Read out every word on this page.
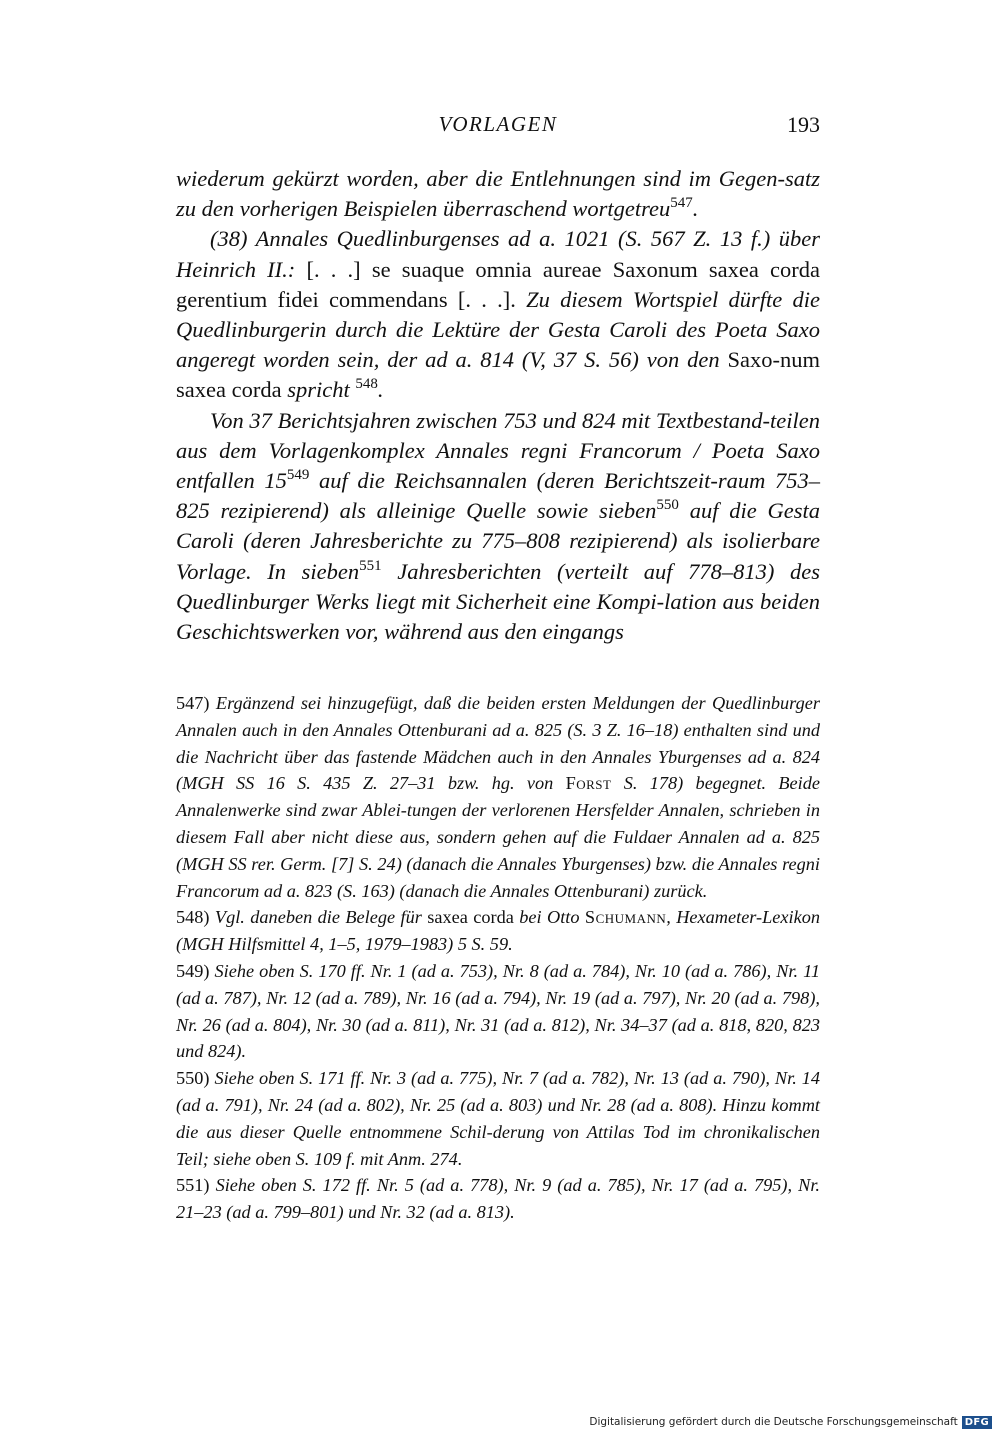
VORLAGEN	193

wiederum gekürzt worden, aber die Entlehnungen sind im Gegen-satz zu den vorherigen Beispielen überraschend wortgetreu$^{547}$.

(38) Annales Quedlinburgenses ad a. 1021 (S. 567 Z. 13 f.) über Heinrich II.: [. . .] se suaque omnia aureae Saxonum saxea corda gerentium fidei commendans [. . .]. Zu diesem Wortspiel dürfte die Quedlinburgerin durch die Lektüre der Gesta Caroli des Poeta Saxo angeregt worden sein, der ad a. 814 (V, 37 S. 56) von den Saxo-num saxea corda spricht $^{548}$.

Von 37 Berichtsjahren zwischen 753 und 824 mit Textbestand-teilen aus dem Vorlagenkomplex Annales regni Francorum / Poeta Saxo entfallen $15^{549}$ auf die Reichsannalen (deren Berichtszeit-raum 753–825 rezipierend) als alleinige Quelle sowie sieben$^{550}$ auf die Gesta Caroli (deren Jahresberichte zu 775–808 rezipierend) als isolierbare Vorlage. In sieben$^{551}$ Jahresberichten (verteilt auf 778–813) des Quedlinburger Werks liegt mit Sicherheit eine Kompi-lation aus beiden Geschichtswerken vor, während aus den eingangs

547) Ergänzend sei hinzugefügt, daß die beiden ersten Meldungen der Quedlinburger Annalen auch in den Annales Ottenburani ad a. 825 (S. 3 Z. 16–18) enthalten sind und die Nachricht über das fastende Mädchen auch in den Annales Yburgenses ad a. 824 (MGH SS 16 S. 435 Z. 27–31 bzw. hg. von Forst S. 178) begegnet. Beide Annalenwerke sind zwar Ablei-tungen der verlorenen Hersfelder Annalen, schrieben in diesem Fall aber nicht diese aus, sondern gehen auf die Fuldaer Annalen ad a. 825 (MGH SS rer. Germ. [7] S. 24) (danach die Annales Yburgenses) bzw. die Annales regni Francorum ad a. 823 (S. 163) (danach die Annales Ottenburani) zurück.

548) Vgl. daneben die Belege für saxea corda bei Otto Schumann, Hexameter-Lexikon (MGH Hilfsmittel 4, 1–5, 1979–1983) 5 S. 59.

549) Siehe oben S. 170 ff. Nr. 1 (ad a. 753), Nr. 8 (ad a. 784), Nr. 10 (ad a. 786), Nr. 11 (ad a. 787), Nr. 12 (ad a. 789), Nr. 16 (ad a. 794), Nr. 19 (ad a. 797), Nr. 20 (ad a. 798), Nr. 26 (ad a. 804), Nr. 30 (ad a. 811), Nr. 31 (ad a. 812), Nr. 34–37 (ad a. 818, 820, 823 und 824).

550) Siehe oben S. 171 ff. Nr. 3 (ad a. 775), Nr. 7 (ad a. 782), Nr. 13 (ad a. 790), Nr. 14 (ad a. 791), Nr. 24 (ad a. 802), Nr. 25 (ad a. 803) und Nr. 28 (ad a. 808). Hinzu kommt die aus dieser Quelle entnommene Schil-derung von Attilas Tod im chronikalischen Teil; siehe oben S. 109 f. mit Anm. 274.

551) Siehe oben S. 172 ff. Nr. 5 (ad a. 778), Nr. 9 (ad a. 785), Nr. 17 (ad a. 795), Nr. 21–23 (ad a. 799–801) und Nr. 32 (ad a. 813).

Digitalisierung gefördert durch die Deutsche Forschungsgemeinschaft DFG
